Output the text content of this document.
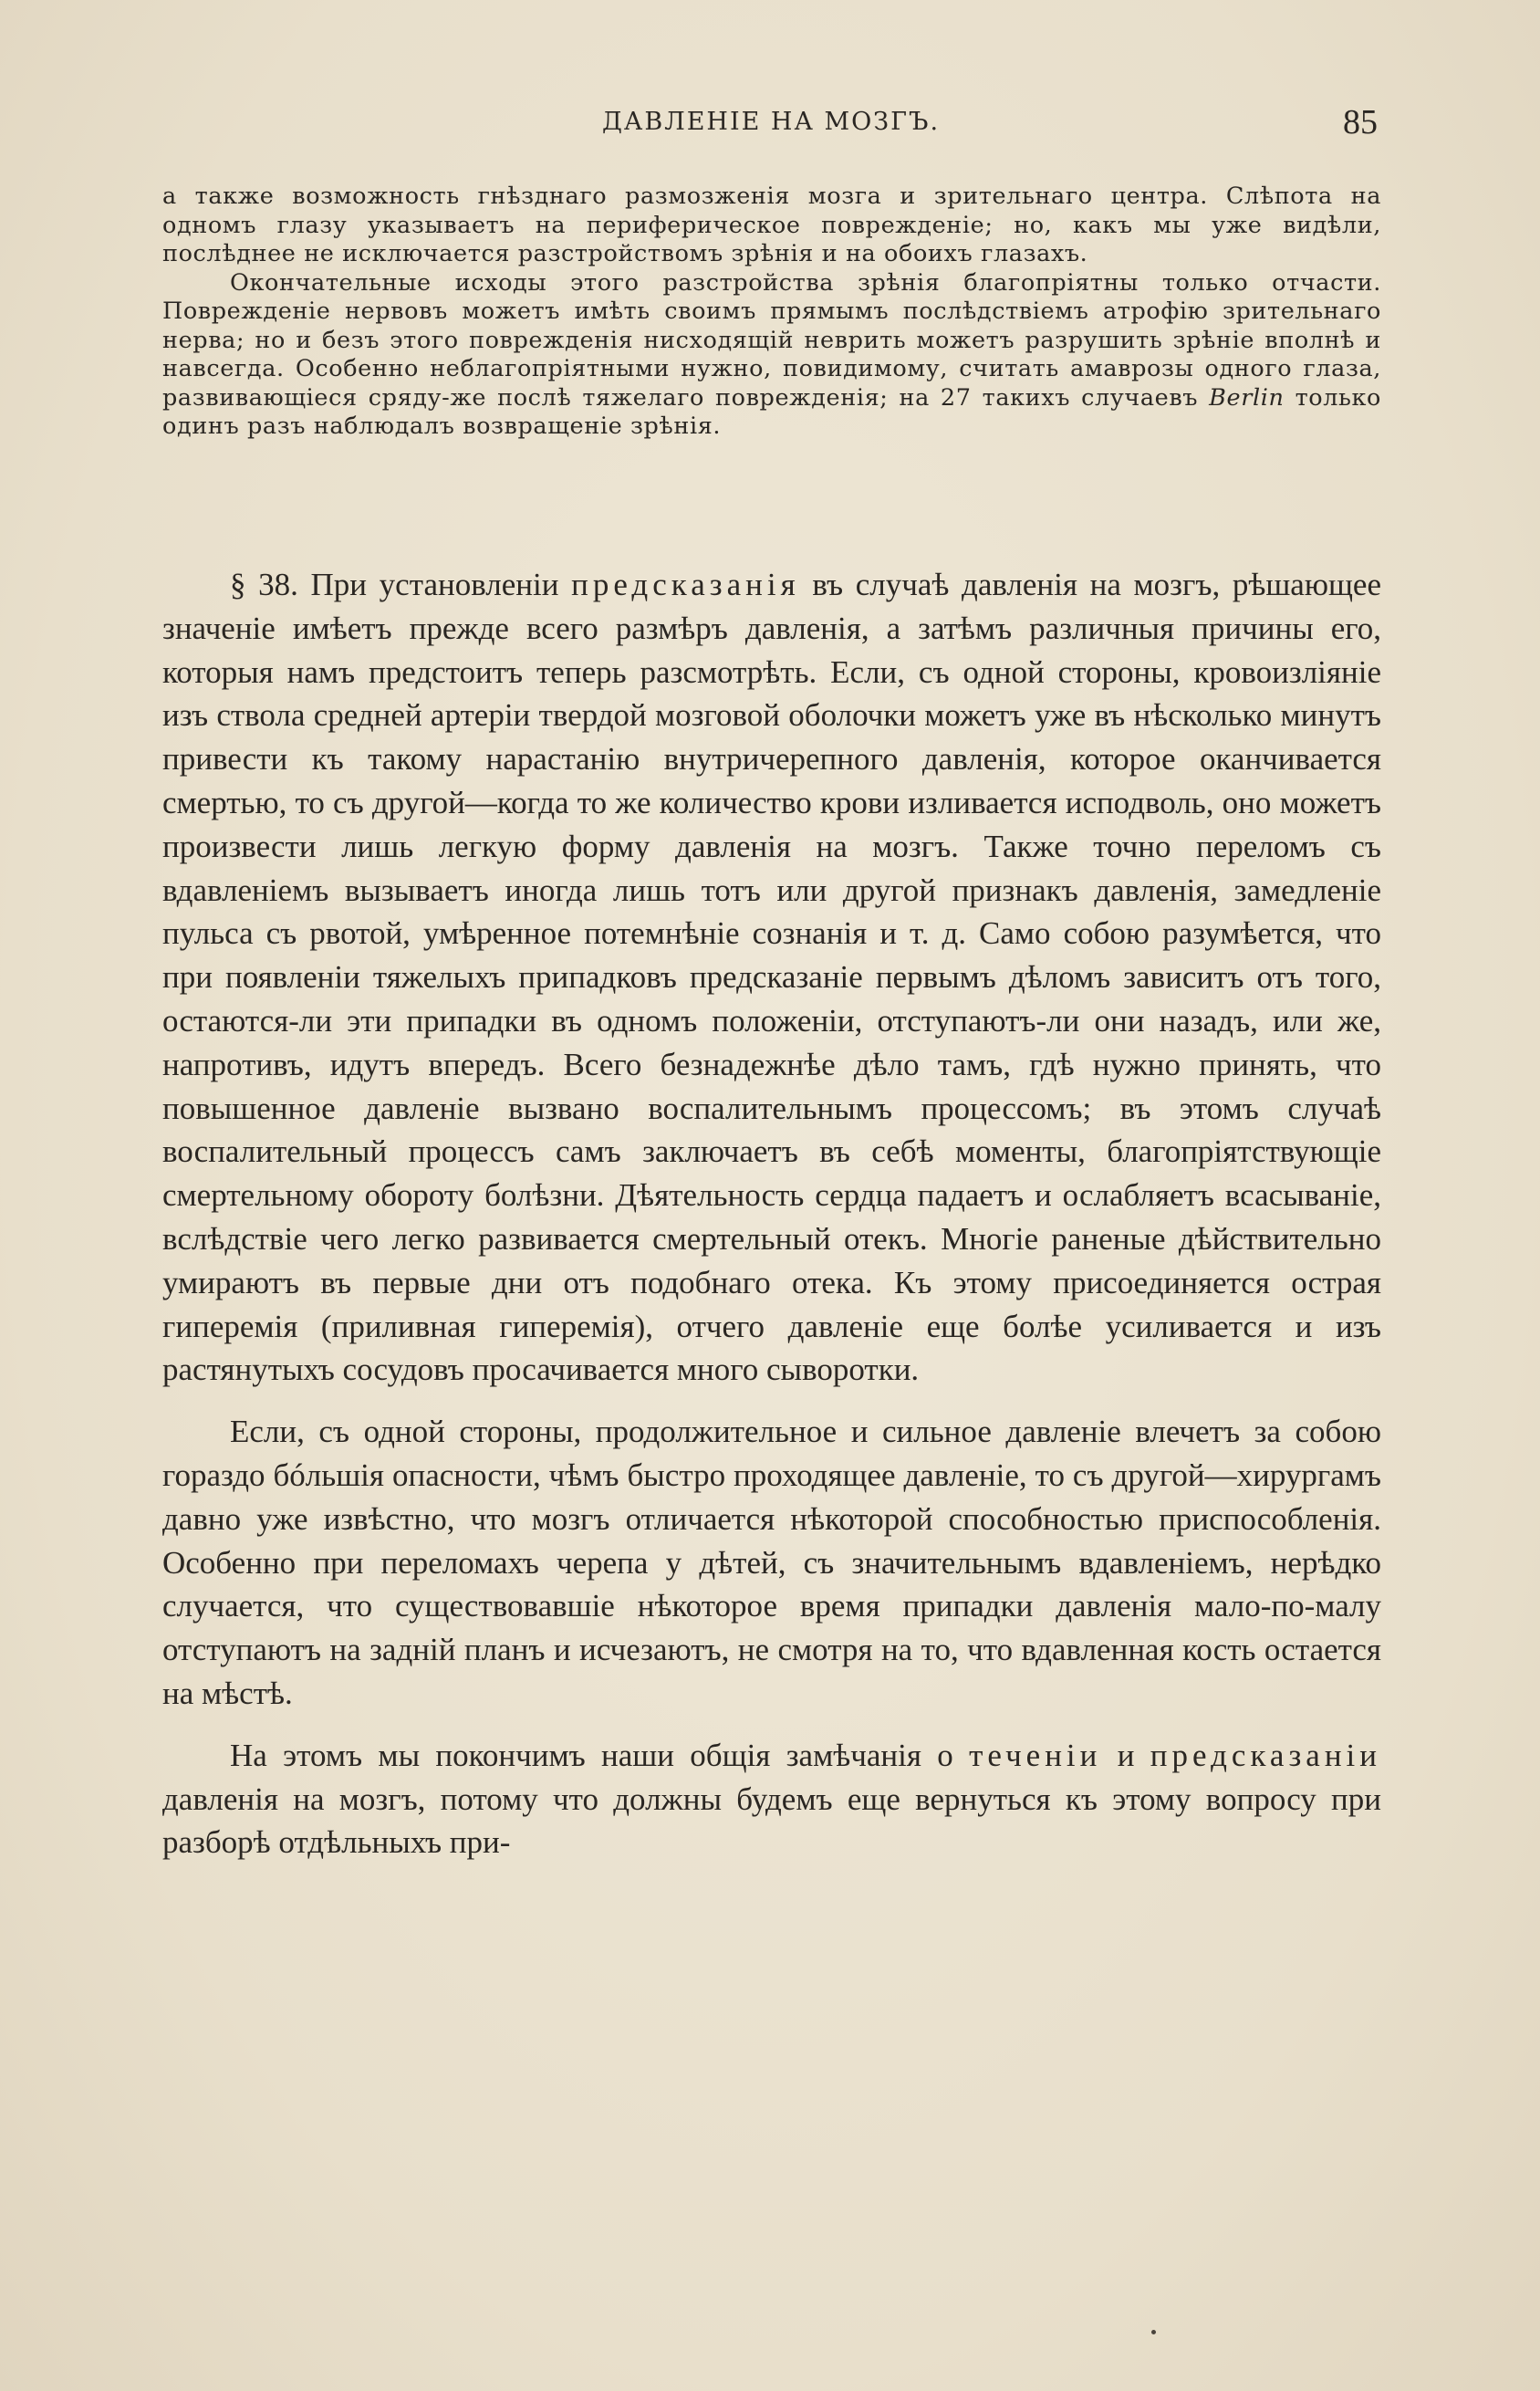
ДАВЛЕНІЕ НА МОЗГЪ.	85

а также возможность гнѣзднаго размозженія мозга и зрительнаго центра. Слѣпота на одномъ глазу указываетъ на периферическое поврежденіе; но, какъ мы уже видѣли, послѣднее не исключается разстройствомъ зрѣнія и на обоихъ глазахъ.

Окончательные исходы этого разстройства зрѣнія благопріятны только отчасти. Поврежденіе нервовъ можетъ имѣть своимъ прямымъ послѣдствіемъ атрофію зрительнаго нерва; но и безъ этого поврежденія нисходящій неврить можетъ разрушить зрѣніе вполнѣ и навсегда. Особенно неблагопріятными нужно, повидимому, считать амаврозы одного глаза, развивающіеся сряду-же послѣ тяжелаго поврежденія; на 27 такихъ случаевъ Berlin только одинъ разъ наблюдалъ возвращеніе зрѣнія.

§ 38. При установленіи предсказанія въ случаѣ давленія на мозгъ, рѣшающее значеніе имѣетъ прежде всего размѣръ давленія, а затѣмъ различныя причины его, которыя намъ предстоитъ теперь разсмотрѣть. Если, съ одной стороны, кровоизліяніе изъ ствола средней артеріи твердой мозговой оболочки можетъ уже въ нѣсколько минутъ привести къ такому нарастанію внутричерепного давленія, которое оканчивается смертью, то съ другой—когда то же количество крови изливается исподволь, оно можетъ произвести лишь легкую форму давленія на мозгъ. Также точно переломъ съ вдавленіемъ вызываетъ иногда лишь тотъ или другой признакъ давленія, замедленіе пульса съ рвотой, умѣренное потемнѣніе сознанія и т. д. Само собою разумѣется, что при появленіи тяжелыхъ припадковъ предсказаніе первымъ дѣломъ зависитъ отъ того, остаются-ли эти припадки въ одномъ положеніи, отступаютъ-ли они назадъ, или же, напротивъ, идутъ впередъ. Всего безнадежнѣе дѣло тамъ, гдѣ нужно принять, что повышенное давленіе вызвано воспалительнымъ процессомъ; въ этомъ случаѣ воспалительный процессъ самъ заключаетъ въ себѣ моменты, благопріятствующіе смертельному обороту болѣзни. Дѣятельность сердца падаетъ и ослабляетъ всасываніе, вслѣдствіе чего легко развивается смертельный отекъ. Многіе раненые дѣйствительно умираютъ въ первые дни отъ подобнаго отека. Къ этому присоединяется острая гиперемія (приливная гиперемія), отчего давленіе еще болѣе усиливается и изъ растянутыхъ сосудовъ просачивается много сыворотки.

Если, съ одной стороны, продолжительное и сильное давленіе влечетъ за собою гораздо бóльшія опасности, чѣмъ быстро проходящее давленіе, то съ другой—хирургамъ давно уже извѣстно, что мозгъ отличается нѣкоторой способностью приспособленія. Особенно при переломахъ черепа у дѣтей, съ значительнымъ вдавленіемъ, нерѣдко случается, что существовавшіе нѣкоторое время припадки давленія мало-по-малу отступаютъ на задній планъ и исчезаютъ, не смотря на то, что вдавленная кость остается на мѣстѣ.

На этомъ мы покончимъ наши общія замѣчанія о теченіи и предсказаніи давленія на мозгъ, потому что должны будемъ еще вернуться къ этому вопросу при разборѣ отдѣльныхъ при-
